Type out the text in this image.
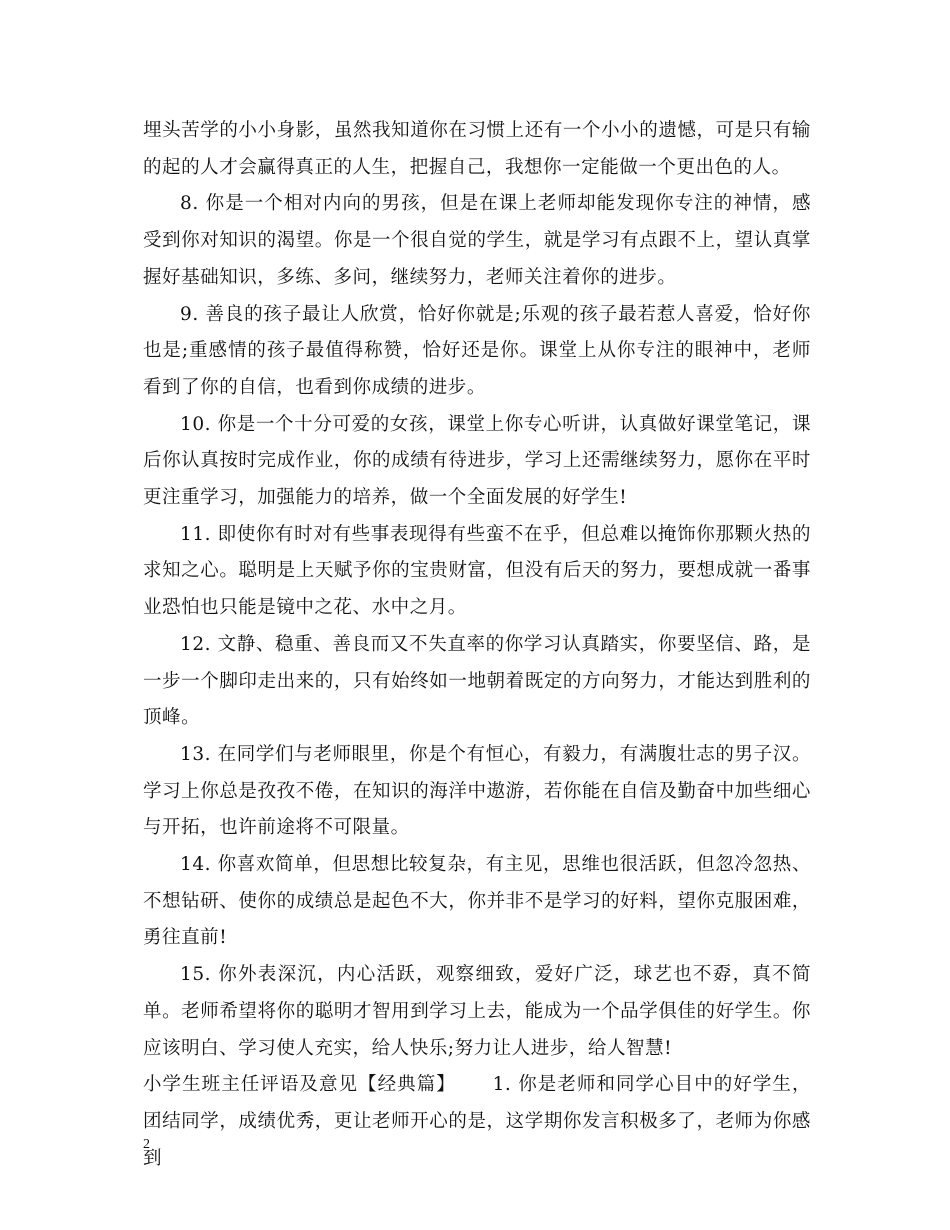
埋头苦学的小小身影，虽然我知道你在习惯上还有一个小小的遗憾，可是只有输的起的人才会赢得真正的人生，把握自己，我想你一定能做一个更出色的人。

8. 你是一个相对内向的男孩，但是在课上老师却能发现你专注的神情，感受到你对知识的渴望。你是一个很自觉的学生，就是学习有点跟不上，望认真掌握好基础知识，多练、多问，继续努力，老师关注着你的进步。

9. 善良的孩子最让人欣赏，恰好你就是;乐观的孩子最若惹人喜爱，恰好你也是;重感情的孩子最值得称赞，恰好还是你。课堂上从你专注的眼神中，老师看到了你的自信，也看到你成绩的进步。

10. 你是一个十分可爱的女孩，课堂上你专心听讲，认真做好课堂笔记，课后你认真按时完成作业，你的成绩有待进步，学习上还需继续努力，愿你在平时更注重学习，加强能力的培养，做一个全面发展的好学生!

11. 即使你有时对有些事表现得有些蛮不在乎，但总难以掩饰你那颗火热的求知之心。聪明是上天赋予你的宝贵财富，但没有后天的努力，要想成就一番事业恐怕也只能是镜中之花、水中之月。

12. 文静、稳重、善良而又不失直率的你学习认真踏实，你要坚信、路，是一步一个脚印走出来的，只有始终如一地朝着既定的方向努力，才能达到胜利的顶峰。

13. 在同学们与老师眼里，你是个有恒心，有毅力，有满腹壮志的男子汉。学习上你总是孜孜不倦，在知识的海洋中遨游，若你能在自信及勤奋中加些细心与开拓，也许前途将不可限量。

14. 你喜欢简单，但思想比较复杂，有主见，思维也很活跃，但忽冷忽热、不想钻研、使你的成绩总是起色不大，你并非不是学习的好料，望你克服困难，勇往直前!

15. 你外表深沉，内心活跃，观察细致，爱好广泛，球艺也不孬，真不简单。老师希望将你的聪明才智用到学习上去，能成为一个品学俱佳的好学生。你应该明白、学习使人充实，给人快乐;努力让人进步，给人智慧!

小学生班主任评语及意见【经典篇】　　 1. 你是老师和同学心目中的好学生，团结同学，成绩优秀，更让老师开心的是，这学期你发言积极多了，老师为你感到

2
